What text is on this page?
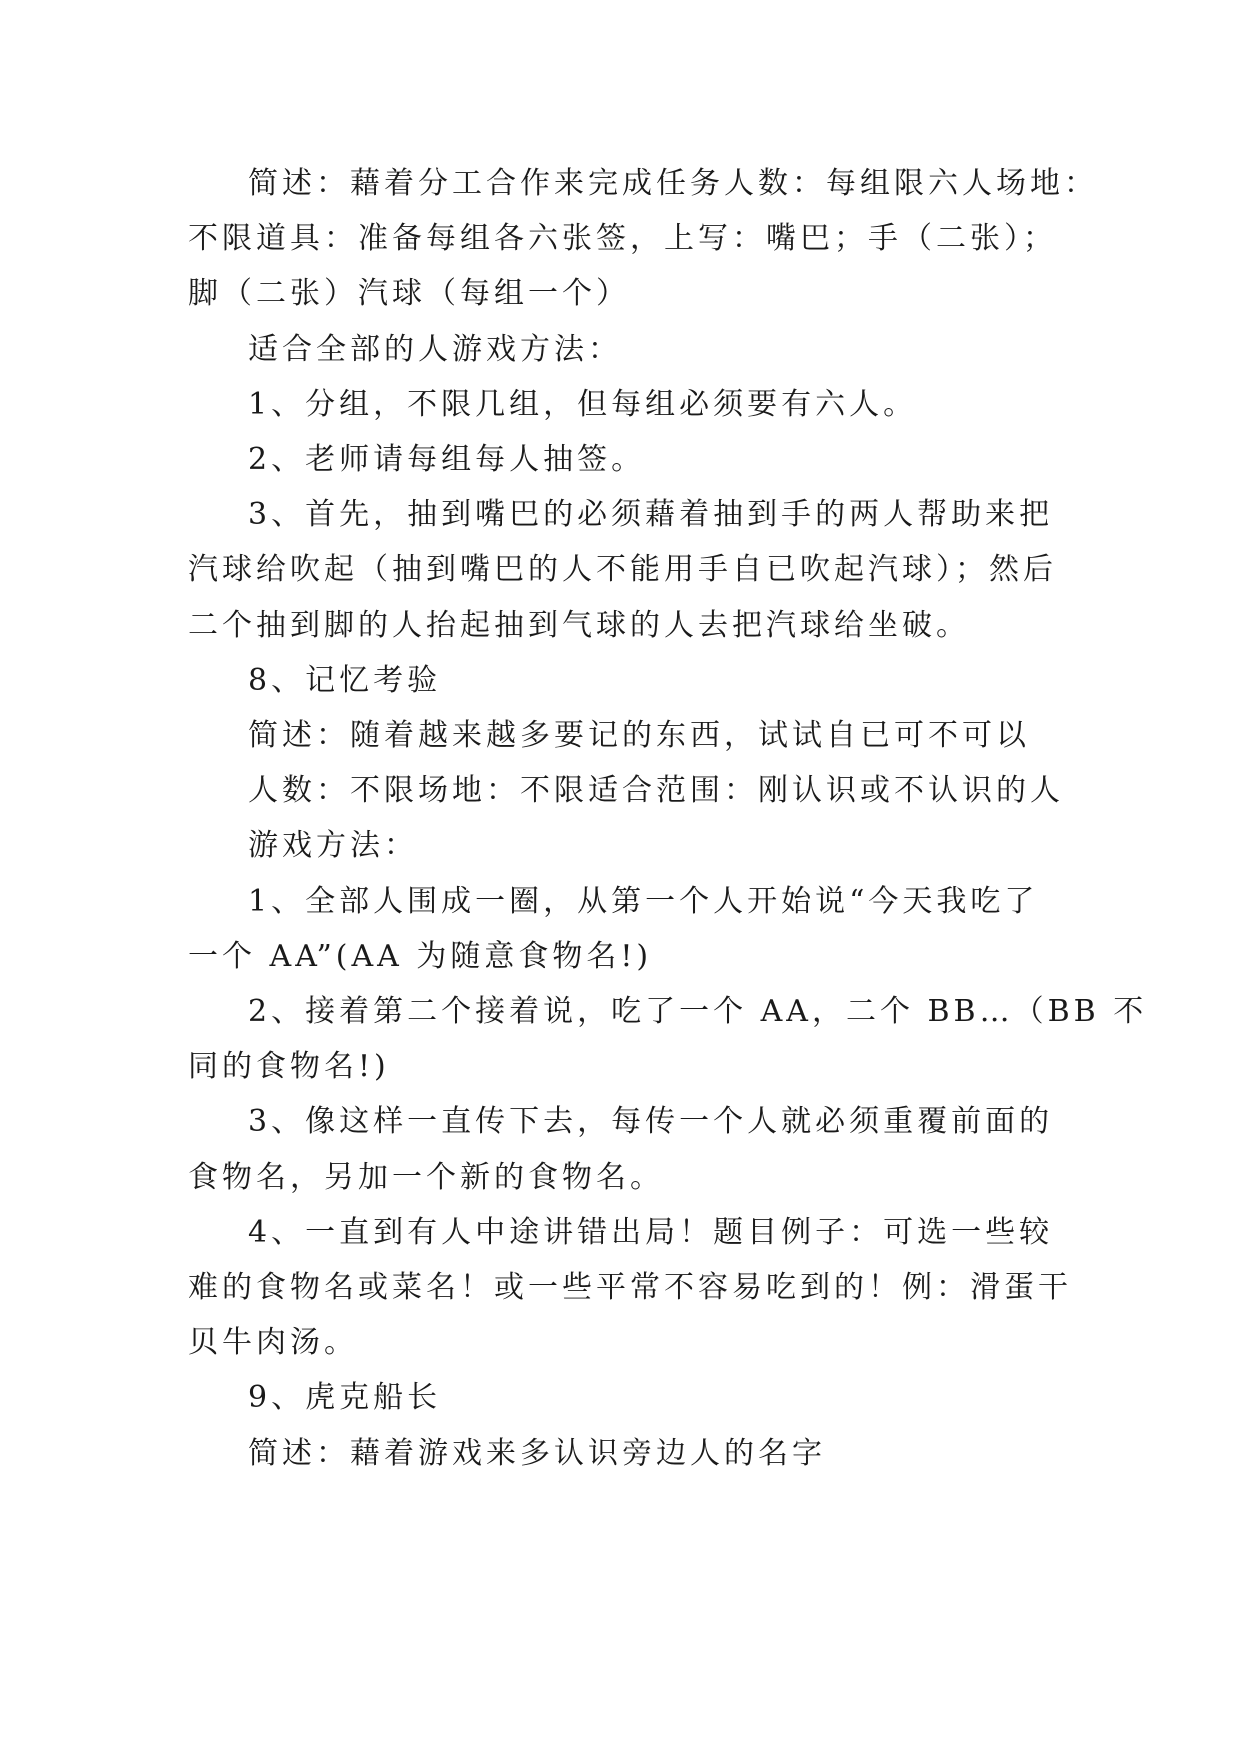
简述：藉着分工合作来完成任务人数：每组限六人场地：
不限道具：准备每组各六张签，上写：嘴巴；手（二张）；
脚（二张）汽球（每组一个）

适合全部的人游戏方法：

1、分组，不限几组，但每组必须要有六人。

2、老师请每组每人抽签。

3、首先，抽到嘴巴的必须藉着抽到手的两人帮助来把
汽球给吹起（抽到嘴巴的人不能用手自已吹起汽球）；然后
二个抽到脚的人抬起抽到气球的人去把汽球给坐破。

8、记忆考验

简述：随着越来越多要记的东西，试试自已可不可以

人数：不限场地：不限适合范围：刚认识或不认识的人

游戏方法：

1、全部人围成一圈，从第一个人开始说“今天我吃了
一个 AA”(AA 为随意食物名!)

2、接着第二个接着说，吃了一个 AA，二个 BB…（BB 不
同的食物名!)

3、像这样一直传下去，每传一个人就必须重覆前面的
食物名，另加一个新的食物名。

4、一直到有人中途讲错出局！题目例子：可选一些较
难的食物名或菜名！或一些平常不容易吃到的！例：滑蛋干
贝牛肉汤。

9、虎克船长

简述：藉着游戏来多认识旁边人的名字
